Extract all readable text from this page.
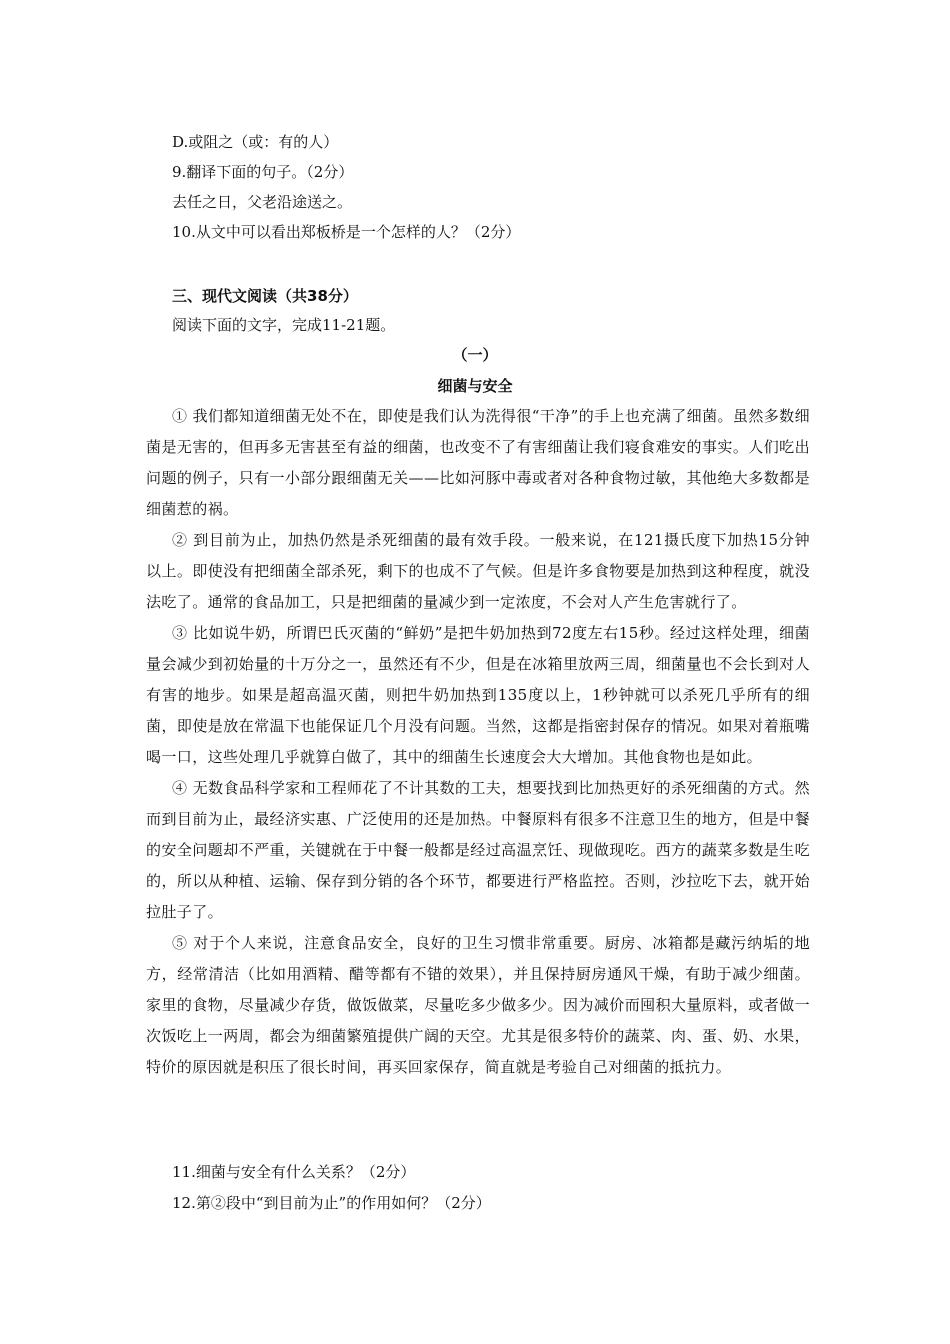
D.或阻之（或：有的人）
9.翻译下面的句子。（2分）
去任之日，父老沿途送之。
10.从文中可以看出郑板桥是一个怎样的人？（2分）
三、现代文阅读（共38分）
阅读下面的文字，完成11-21题。
（一）
细菌与安全

① 我们都知道细菌无处不在，即使是我们认为洗得很“干净”的手上也充满了细菌。虽然多数细菌是无害的，但再多无害甚至有益的细菌，也改变不了有害细菌让我们寝食难安的事实。人们吃出问题的例子，只有一小部分跟细菌无关——比如河豚中毒或者对各种食物过敏，其他绝大多数都是细菌惹的祸。

② 到目前为止，加热仍然是杀死细菌的最有效手段。一般来说，在121摄氏度下加热15分钟以上。即使没有把细菌全部杀死，剩下的也成不了气候。但是许多食物要是加热到这种程度，就没法吃了。通常的食品加工，只是把细菌的量减少到一定浓度，不会对人产生危害就行了。

③ 比如说牛奶，所谓巴氏灭菌的“鲜奶”是把牛奶加热到72度左右15秒。经过这样处理，细菌量会减少到初始量的十万分之一，虽然还有不少，但是在冰箱里放两三周，细菌量也不会长到对人有害的地步。如果是超高温灭菌，则把牛奶加热到135度以上，1秒钟就可以杀死几乎所有的细菌，即使是放在常温下也能保证几个月没有问题。当然，这都是指密封保存的情况。如果对着瓶嘴喝一口，这些处理几乎就算白做了，其中的细菌生长速度会大大增加。其他食物也是如此。

④ 无数食品科学家和工程师花了不计其数的工夫，想要找到比加热更好的杀死细菌的方式。然而到目前为止，最经济实惠、广泛使用的还是加热。中餐原料有很多不注意卫生的地方，但是中餐的安全问题却不严重，关键就在于中餐一般都是经过高温烹饪、现做现吃。西方的蔬菜多数是生吃的，所以从种植、运输、保存到分销的各个环节，都要进行严格监控。否则，沙拉吃下去，就开始拉肚子了。

⑤ 对于个人来说，注意食品安全，良好的卫生习惯非常重要。厨房、冰箱都是藏污纳垢的地方，经常清洁（比如用酒精、醋等都有不错的效果），并且保持厨房通风干燥，有助于减少细菌。家里的食物，尽量减少存货，做饭做菜，尽量吃多少做多少。因为减价而囤积大量原料，或者做一次饭吃上一两周，都会为细菌繁殖提供广阔的天空。尤其是很多特价的蔬菜、肉、蛋、奶、水果，特价的原因就是积压了很长时间，再买回家保存，简直就是考验自己对细菌的抵抗力。

11.细菌与安全有什么关系？（2分）
12.第②段中“到目前为止”的作用如何？（2分）
